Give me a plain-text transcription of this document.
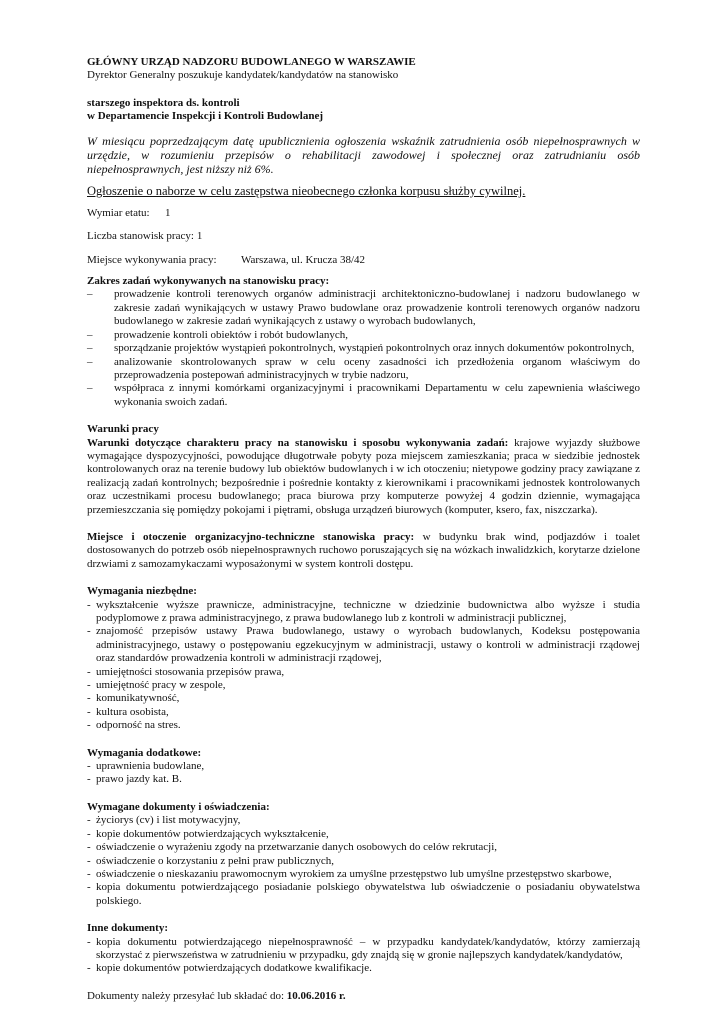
GŁÓWNY URZĄD NADZORU BUDOWLANEGO W WARSZAWIE

Dyrektor Generalny poszukuje kandydatek/kandydatów na stanowisko

starszego inspektora ds. kontroli

w Departamencie Inspekcji i Kontroli Budowlanej

W miesiącu poprzedzającym datę upublicznienia ogłoszenia wskaźnik zatrudnienia osób niepełnosprawnych w urzędzie, w rozumieniu przepisów o rehabilitacji zawodowej i społecznej oraz zatrudnianiu osób niepełnosprawnych, jest niższy niż 6%.

Ogłoszenie o naborze w celu zastępstwa nieobecnego członka korpusu służby cywilnej.

Wymiar etatu:	1
Liczba stanowisk pracy: 1
Miejsce wykonywania pracy:	Warszawa, ul. Krucza 38/42

Zakres zadań wykonywanych na stanowisku pracy:

–	prowadzenie kontroli terenowych organów administracji architektoniczno-budowlanej i nadzoru budowlanego w zakresie zadań wynikających w ustawy Prawo budowlane oraz prowadzenie kontroli terenowych organów nadzoru budowlanego w zakresie zadań wynikających z ustawy o wyrobach budowlanych,
–	prowadzenie kontroli obiektów i robót budowlanych,
–	sporządzanie projektów wystąpień pokontrolnych, wystąpień pokontrolnych oraz innych dokumentów pokontrolnych,
–	analizowanie skontrolowanych spraw w celu oceny zasadności ich przedłożenia organom właściwym do przeprowadzenia postepowań administracyjnych w trybie nadzoru,
–	współpraca z innymi komórkami organizacyjnymi i pracownikami Departamentu w celu zapewnienia właściwego wykonania swoich zadań.

Warunki pracy

Warunki dotyczące charakteru pracy na stanowisku i sposobu wykonywania zadań: krajowe wyjazdy służbowe wymagające dyspozycyjności, powodujące długotrwałe pobyty poza miejscem zamieszkania; praca w siedzibie jednostek kontrolowanych oraz na terenie budowy lub obiektów budowlanych i w ich otoczeniu; nietypowe godziny pracy zawiązane z realizacją zadań kontrolnych; bezpośrednie i pośrednie kontakty z kierownikami i pracownikami jednostek kontrolowanych oraz uczestnikami procesu budowlanego; praca biurowa przy komputerze powyżej 4 godzin dziennie, wymagająca przemieszczania się pomiędzy pokojami i piętrami, obsługa urządzeń biurowych (komputer, ksero, fax, niszczarka).

Miejsce i otoczenie organizacyjno-techniczne stanowiska pracy: w budynku brak wind, podjazdów i toalet dostosowanych do potrzeb osób niepełnosprawnych ruchowo poruszających się na wózkach inwalidzkich, korytarze dzielone drzwiami z samozamykaczami wyposażonymi w system kontroli dostępu.

Wymagania niezbędne:

- wykształcenie wyższe prawnicze, administracyjne, techniczne w dziedzinie budownictwa albo wyższe i studia podyplomowe z prawa administracyjnego, z prawa budowlanego lub z kontroli w administracji publicznej,
- znajomość przepisów ustawy Prawa budowlanego, ustawy o wyrobach budowlanych, Kodeksu postępowania administracyjnego, ustawy o postępowaniu egzekucyjnym w administracji, ustawy o kontroli w administracji rządowej oraz standardów prowadzenia kontroli w administracji rządowej,
- umiejętności stosowania przepisów prawa,
- umiejętność pracy w zespole,
- komunikatywność,
- kultura osobista,
- odporność na stres.

Wymagania dodatkowe:

- uprawnienia budowlane,
- prawo jazdy kat. B.

Wymagane dokumenty i oświadczenia:

- życiorys (cv) i list motywacyjny,
- kopie dokumentów potwierdzających wykształcenie,
- oświadczenie o wyrażeniu zgody na przetwarzanie danych osobowych do celów rekrutacji,
- oświadczenie o korzystaniu z pełni praw publicznych,
- oświadczenie o nieskazaniu prawomocnym wyrokiem za umyślne przestępstwo lub umyślne przestępstwo skarbowe,
- kopia dokumentu potwierdzającego posiadanie polskiego obywatelstwa lub oświadczenie o posiadaniu obywatelstwa polskiego.

Inne dokumenty:

- kopia dokumentu potwierdzającego niepełnosprawność – w przypadku kandydatek/kandydatów, którzy zamierzają skorzystać z pierwszeństwa w zatrudnieniu w przypadku, gdy znajdą się w gronie najlepszych kandydatek/kandydatów,
- kopie dokumentów potwierdzających dodatkowe kwalifikacje.

Dokumenty należy przesyłać lub składać do: 10.06.2016 r.
